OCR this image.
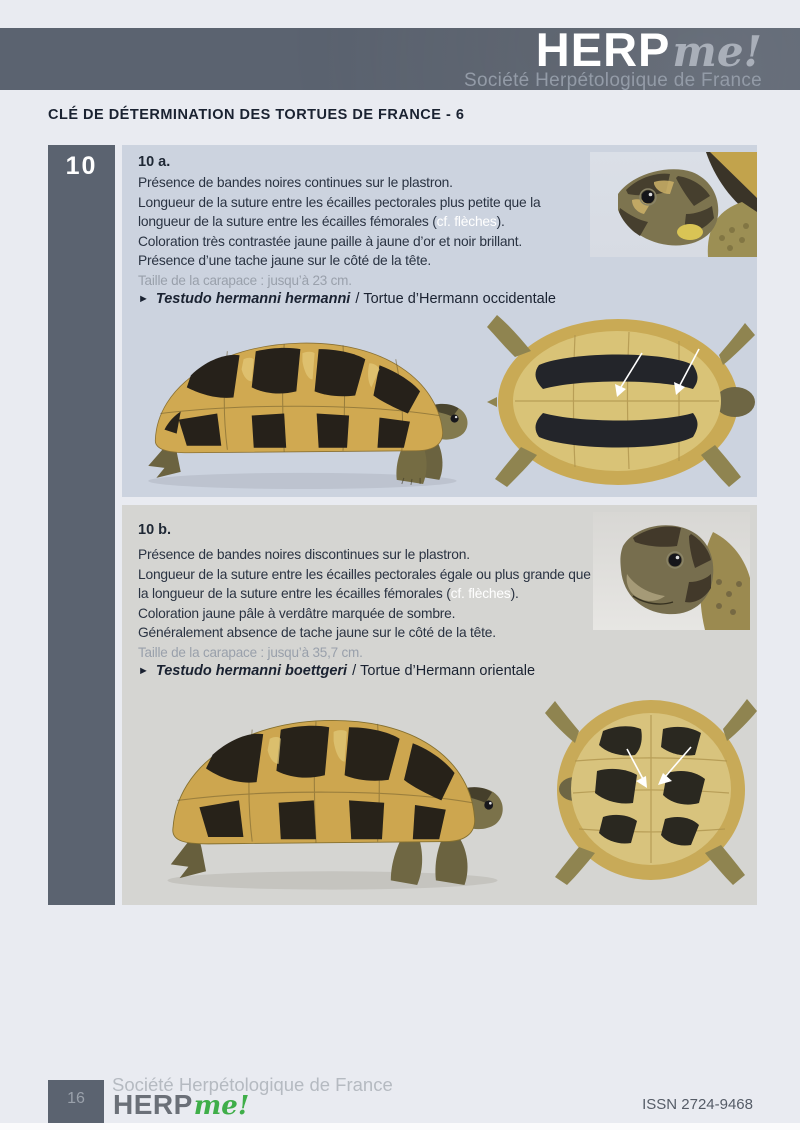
HERPme!
Société Herpétologique de France
CLÉ DE DÉTERMINATION DES TORTUES DE FRANCE - 6
10	10 a.

Présence de bandes noires continues sur le plastron.

Longueur de la suture entre les écailles pectorales plus petite que la longueur de la suture entre les écailles fémorales (cf. flèches).

Coloration très contrastée jaune paille à jaune d’or et noir brillant.

Présence d’une tache jaune sur le côté de la tête.

Taille de la carapace : jusqu’à 23 cm.

► Testudo hermanni hermanni / Tortue d’Hermann occidentale

10 b.

Présence de bandes noires discontinues sur le plastron.

Longueur de la suture entre les écailles pectorales égale ou plus grande que la longueur de la suture entre les écailles fémorales (cf. flèches).

Coloration jaune pâle à verdâtre marquée de sombre.

Généralement absence de tache jaune sur le côté de la tête.

Taille de la carapace : jusqu’à 35,7 cm.

► Testudo hermanni boettgeri / Tortue d’Hermann orientale

16
Société Herpétologique de France
HERPme!	ISSN 2724-9468
